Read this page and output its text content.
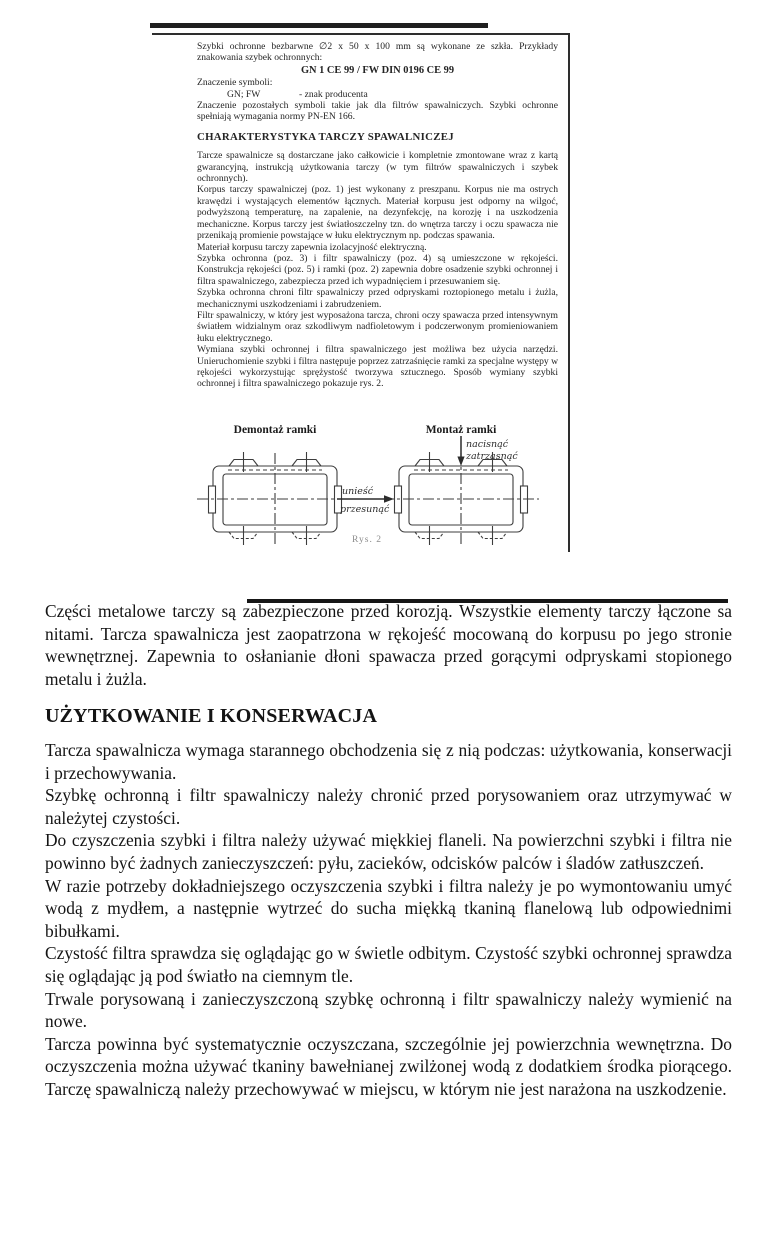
Szybki ochronne bezbarwne ∅2 x 50 x 100 mm są wykonane ze szkła. Przykłady znakowania szybek ochronnych:

GN 1 CE 99 / FW DIN 0196 CE 99

Znaczenie symboli:

GN; FW	- znak producenta

Znaczenie pozostałych symboli takie jak dla filtrów spawalniczych. Szybki ochronne spełniają wymagania normy PN-EN 166.

CHARAKTERYSTYKA TARCZY SPAWALNICZEJ

Tarcze spawalnicze są dostarczane jako całkowicie i kompletnie zmontowane wraz z kartą gwarancyjną, instrukcją użytkowania tarczy (w tym filtrów spawalniczych i szybek ochronnych).

Korpus tarczy spawalniczej (poz. 1) jest wykonany z preszpanu. Korpus nie ma ostrych krawędzi i wystających elementów łącznych. Materiał korpusu jest odporny na wilgoć, podwyższoną temperaturę, na zapalenie, na dezynfekcję, na korozję i na uszkodzenia mechaniczne. Korpus tarczy jest światłoszczelny tzn. do wnętrza tarczy i oczu spawacza nie przenikają promienie powstające w łuku elektrycznym np. podczas spawania.

Materiał korpusu tarczy zapewnia izolacyjność elektryczną.

Szybka ochronna (poz. 3) i filtr spawalniczy (poz. 4) są umieszczone w rękojeści. Konstrukcja rękojeści (poz. 5) i ramki (poz. 2) zapewnia dobre osadzenie szybki ochronnej i filtra spawalniczego, zabezpiecza przed ich wypadnięciem i przesuwaniem się.

Szybka ochronna chroni filtr spawalniczy przed odpryskami roztopionego metalu i żużla, mechanicznymi uszkodzeniami i zabrudzeniem.

Filtr spawalniczy, w który jest wyposażona tarcza, chroni oczy spawacza przed intensywnym światłem widzialnym oraz szkodliwym nadfioletowym i podczerwonym promieniowaniem łuku elektrycznego.

Wymiana szybki ochronnej i filtra spawalniczego jest możliwa bez użycia narzędzi. Unieruchomienie szybki i filtra następuje poprzez zatrzaśnięcie ramki za specjalne występy w rękojeści wykorzystując sprężystość tworzywa sztucznego. Sposób wymiany szybki ochronnej i filtra spawalniczego pokazuje rys. 2.

Demontaż ramki	Montaż ramki
unieść
przesunąć
nacisnąć
zatrzasnąć
Rys. 2

Części metalowe tarczy są zabezpieczone przed korozją. Wszystkie elementy tarczy łączone sa nitami. Tarcza spawalnicza jest zaopatrzona w rękojeść mocowaną do korpusu po jego stronie wewnętrznej. Zapewnia to osłanianie dłoni spawacza przed gorącymi odpryskami stopionego metalu i żużla.

UŻYTKOWANIE I KONSERWACJA

Tarcza spawalnicza wymaga starannego obchodzenia się z nią podczas: użytkowania, konserwacji i przechowywania.

Szybkę ochronną i filtr spawalniczy należy chronić przed porysowaniem oraz utrzymywać w należytej czystości.

Do czyszczenia szybki i filtra należy używać miękkiej flaneli. Na powierzchni szybki i filtra nie powinno być żadnych zanieczyszczeń: pyłu, zacieków, odcisków palców i śladów zatłuszczeń.

W razie potrzeby dokładniejszego oczyszczenia szybki i filtra należy je po wymontowaniu umyć wodą z mydłem, a następnie wytrzeć do sucha miękką tkaniną flanelową lub odpowiednimi bibułkami.

Czystość filtra sprawdza się oglądając go w świetle odbitym. Czystość szybki ochronnej sprawdza się oglądając ją pod światło na ciemnym tle.

Trwale porysowaną i zanieczyszczoną szybkę ochronną i filtr spawalniczy należy wymienić na nowe.

Tarcza powinna być systematycznie oczyszczana, szczególnie jej powierzchnia wewnętrzna. Do oczyszczenia można używać tkaniny bawełnianej zwilżonej wodą z dodatkiem środka piorącego. Tarczę spawalniczą należy przechowywać w miejscu, w którym nie jest narażona na uszkodzenie.
